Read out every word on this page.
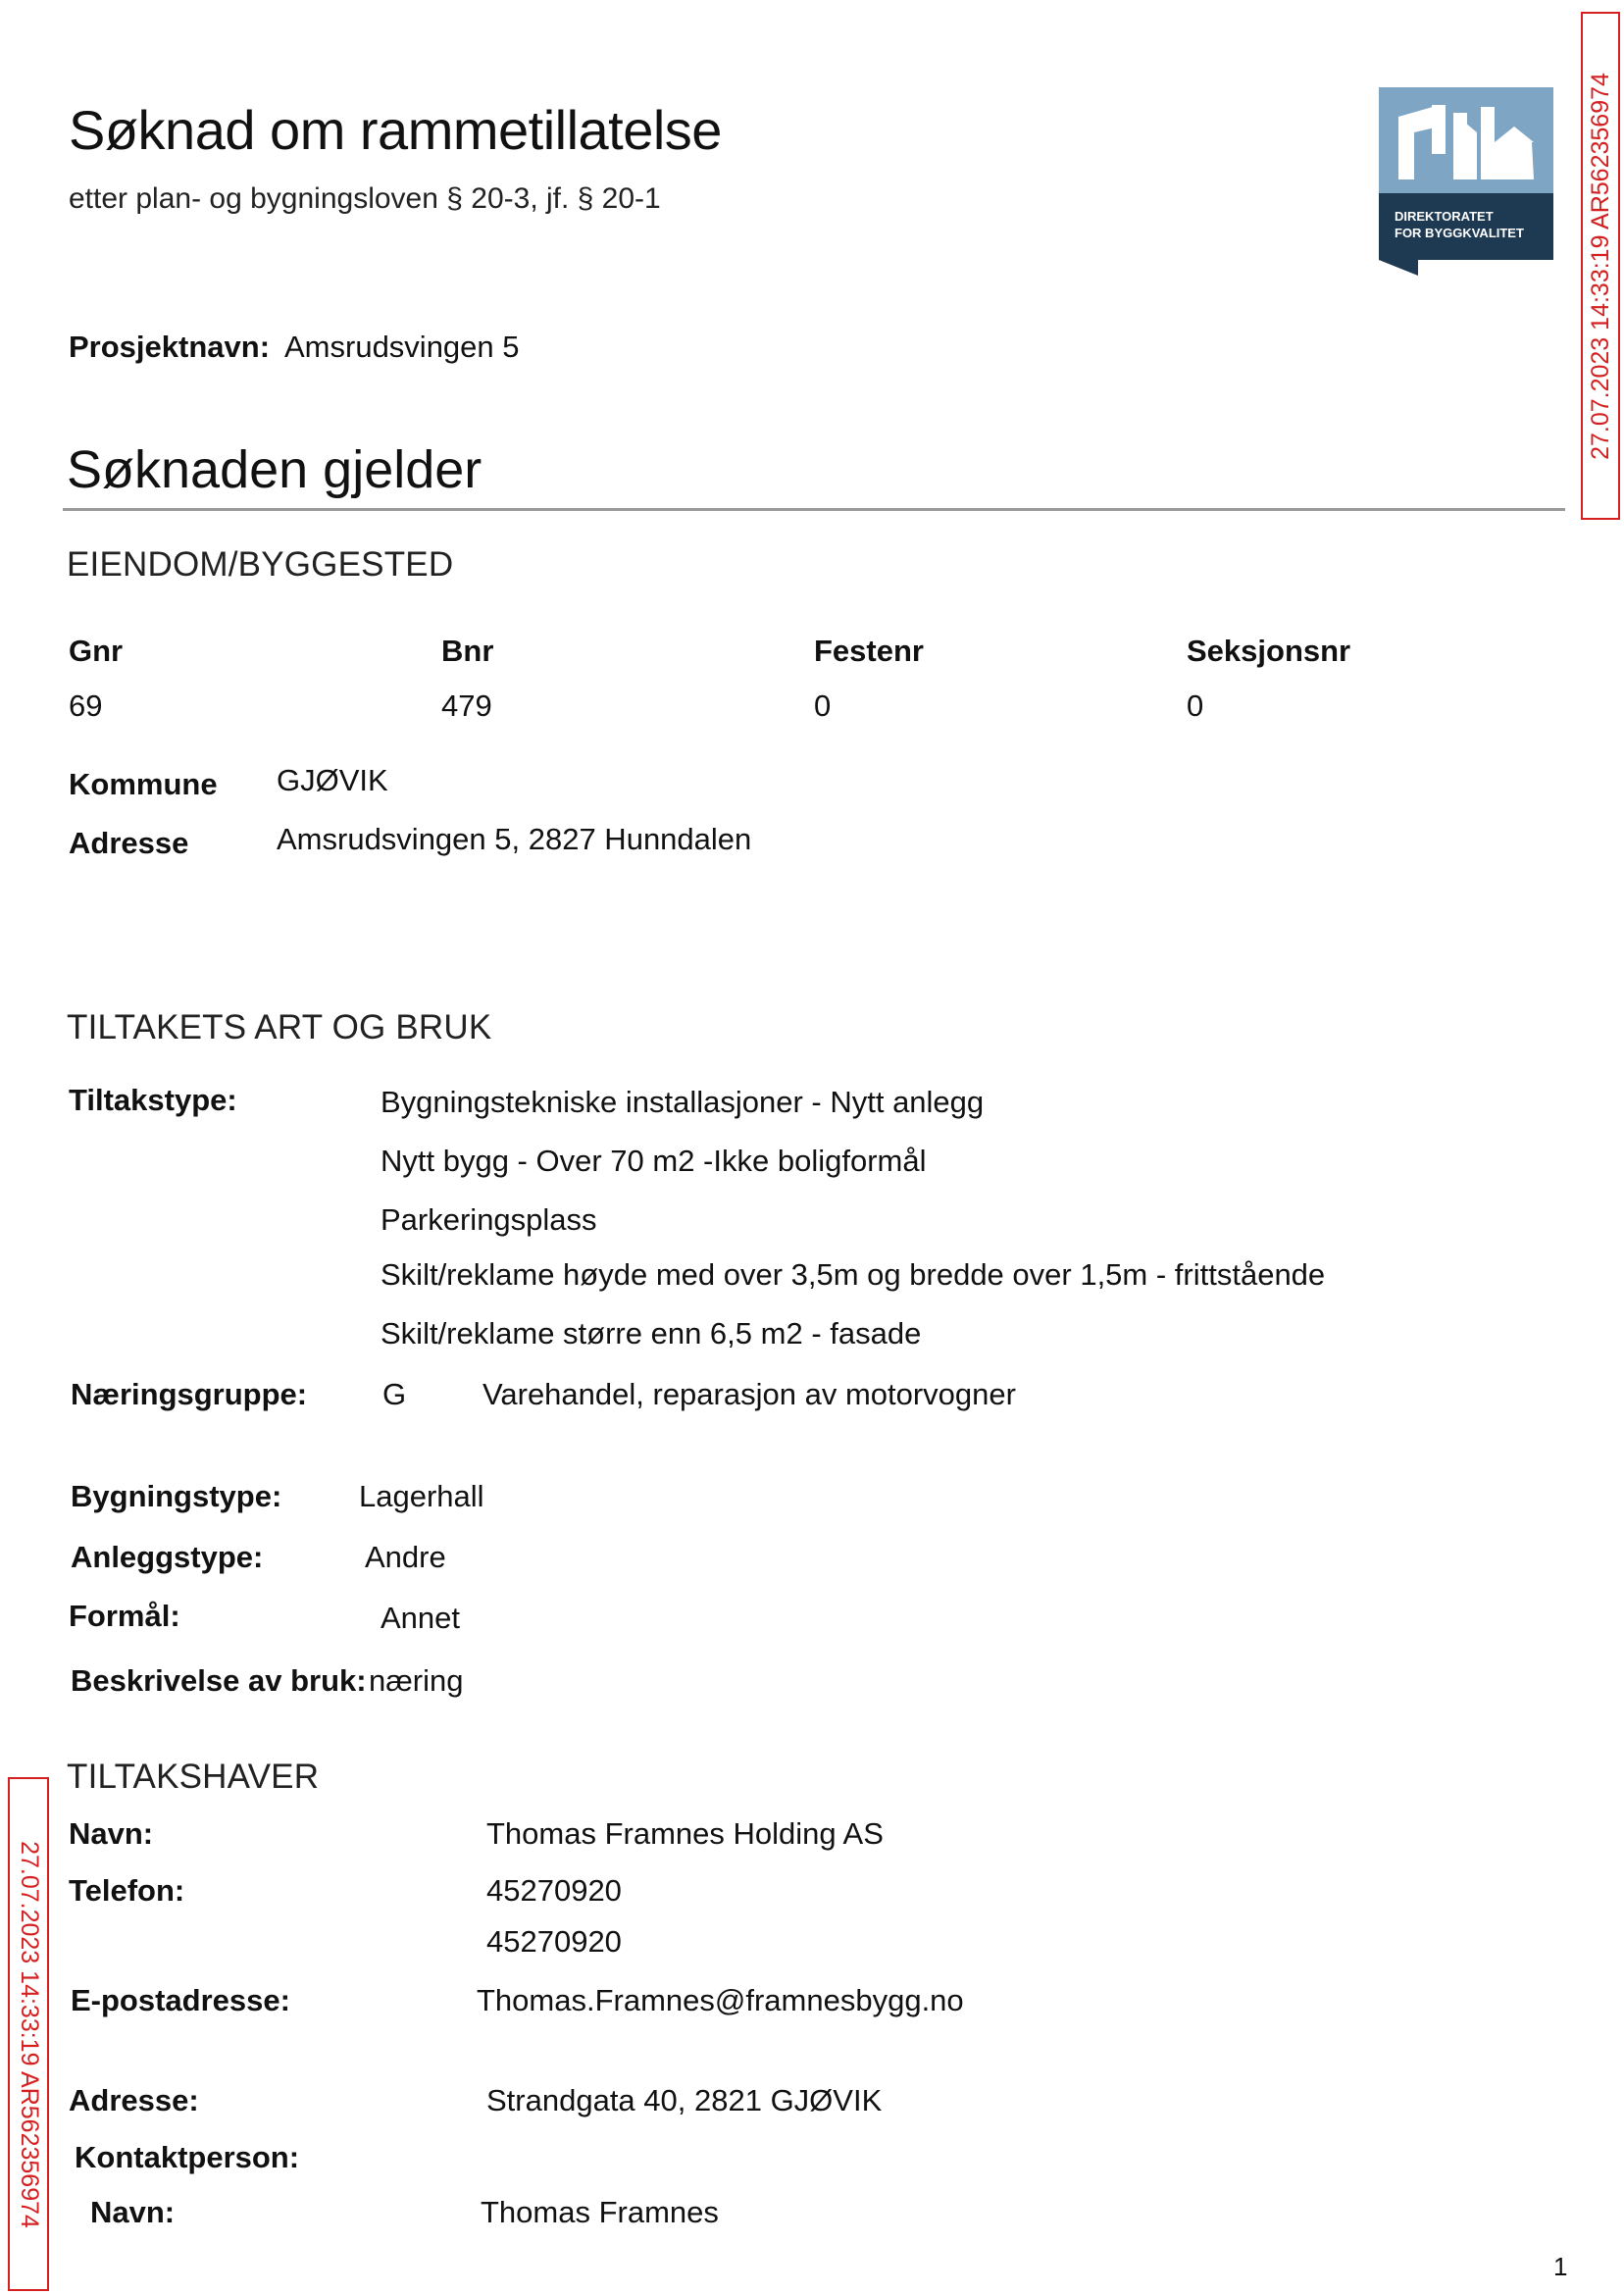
Søknad om rammetillatelse
etter plan- og bygningsloven § 20-3, jf. § 20-1
DIREKTORATET
FOR BYGGKVALITET	27.07.2023 14:33:19 AR562356974
27.07.2023 14:33:19 AR562356974
Prosjektnavn: Amsrudsvingen 5
Søknaden gjelder
EIENDOM/BYGGESTED
Gnr	Bnr	Festenr	Seksjonsnr
69	479	0	0
Kommune GJØVIK
Adresse	Amsrudsvingen 5, 2827 Hunndalen
TILTAKETS ART OG BRUK
Tiltakstype:	Bygningstekniske installasjoner - Nytt anlegg
Nytt bygg - Over 70 m2 -Ikke boligformål
Parkeringsplass
Skilt/reklame høyde med over 3,5m og bredde over 1,5m - frittstående
Skilt/reklame større enn 6,5 m2 - fasade
Næringsgruppe: G	Varehandel, reparasjon av motorvogner
Bygningstype:	Lagerhall
Anleggstype:	Andre
Formål:	Annet
Beskrivelse av bruk: næring
TILTAKSHAVER
Navn:	Thomas Framnes Holding AS
Telefon:	45270920
45270920
E-postadresse:	Thomas.Framnes@framnesbygg.no
Adresse:	Strandgata 40, 2821 GJØVIK
Kontaktperson:
Navn:	Thomas Framnes
1
